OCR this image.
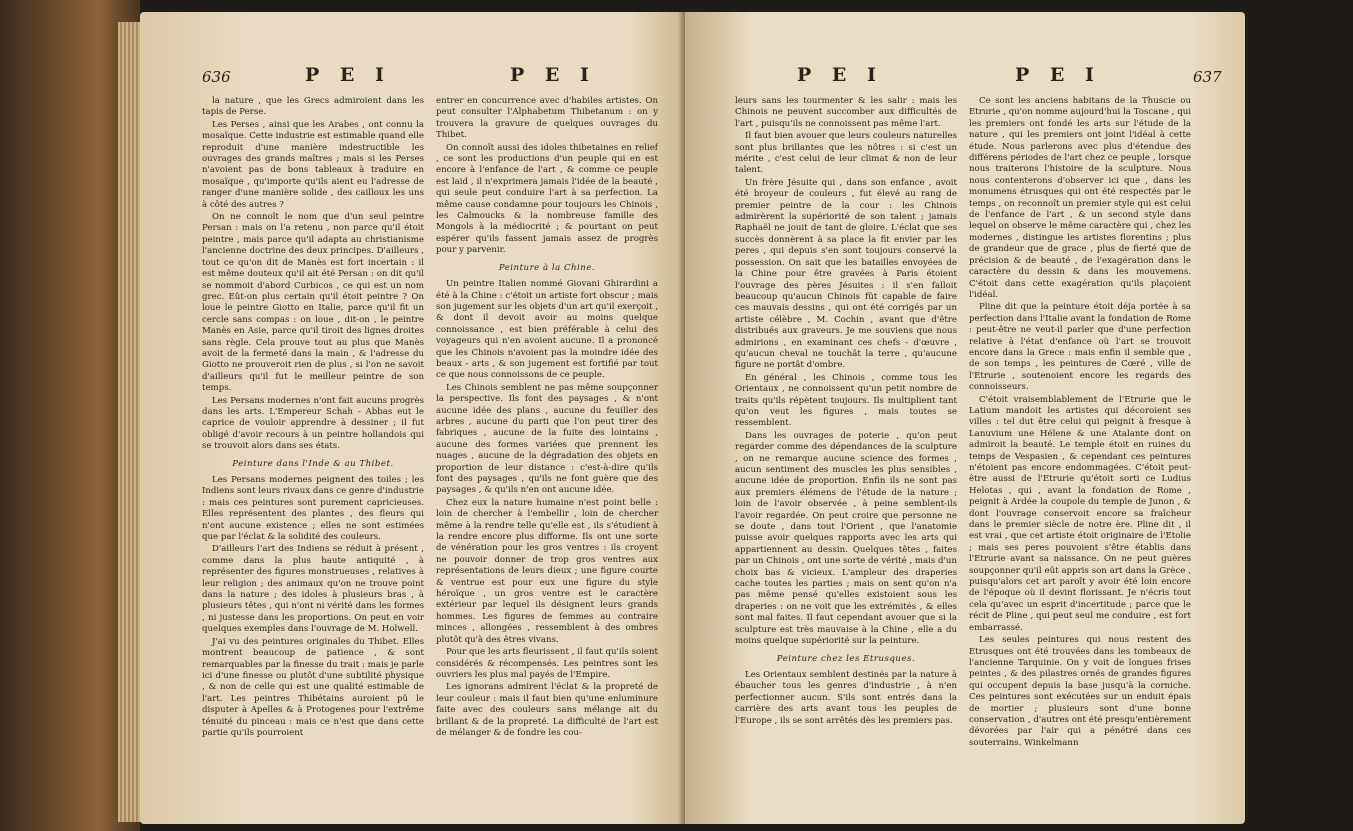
636	P E I	P E I

la nature , que les Grecs admiroient dans les tapis de Perse.

Les Perses , ainsi que les Arabes , ont connu la mosaïque. Cette industrie est estimable quand elle reproduit d'une manière indestructible les ouvrages des grands maîtres ; mais si les Perses n'avoient pas de bons tableaux à traduire en mosaïque , qu'importe qu'ils aient eu l'adresse de ranger d'une manière solide , des cailloux les uns à côté des autres ?

On ne connoît le nom que d'un seul peintre Persan : mais on l'a retenu , non parce qu'il étoit peintre , mais parce qu'il adapta au christianisme l'ancienne doctrine des deux principes. D'ailleurs , tout ce qu'on dit de Manès est fort incertain : il est même douteux qu'il ait été Persan : on dit qu'il se nommoit d'abord Curbicos , ce qui est un nom grec. Eût-on plus certain qu'il étoit peintre ? On loue le peintre Giotto en Italie, parce qu'il fit un cercle sans compas : on loue , dit-on , le peintre Manès en Asie, parce qu'il tiroit des lignes droites sans règle. Cela prouve tout au plus que Manès avoit de la fermeté dans la main , & l'adresse du Giotto ne prouveroit rien de plus , si l'on ne savoit d'ailleurs qu'il fut le meilleur peintre de son temps.

Les Persans modernes n'ont fait aucuns progrès dans les arts. L'Empereur Schah - Abbas eut le caprice de vouloir apprendre à dessiner ; il fut obligé d'avoir recours à un peintre hollandois qui se trouvoit alors dans ses états.

Peinture dans l'Inde & au Thibet.

Les Persans modernes peignent des toiles ; les Indiens sont leurs rivaux dans ce genre d'industrie : mais ces peintures sont purement capricieuses. Elles représentent des plantes , des fleurs qui n'ont aucune existence ; elles ne sont estimées que par l'éclat & la solidité des couleurs.

D'ailleurs l'art des Indiens se réduit à présent , comme dans la plus haute antiquité , à représenter des figures monstrueuses , relatives à leur religion ; des animaux qu'on ne trouve point dans la nature ; des idoles à plusieurs bras , à plusieurs têtes , qui n'ont ni vérité dans les formes , ni justesse dans les proportions. On peut en voir quelques exemples dans l'ouvrage de M. Holwell.

J'ai vu des peintures originales du Thibet. Elles montrent beaucoup de patience , & sont remarquables par la finesse du trait : mais je parle ici d'une finesse ou plutôt d'une subtilité physique , & non de celle qui est une qualité estimable de l'art. Les peintres Thibétains auroient pû le disputer à Apelles & à Protogenes pour l'extrême ténuité du pinceau : mais ce n'est que dans cette partie qu'ils pourroient

entrer en concurrence avec d'habiles artistes. On peut consulter l'Alphabetum Thibetanum : on y trouvera la gravure de quelques ouvrages du Thibet.

On connoît aussi des idoles thibetaines en relief , ce sont les productions d'un peuple qui en est encore à l'enfance de l'art , & comme ce peuple est laid , il n'exprimera jamais l'idée de la beauté , qui seule peut conduire l'art à sa perfection. La même cause condamne pour toujours les Chinois , les Calmoucks & la nombreuse famille des Mongols à la médiocrité ; & pourtant on peut espérer qu'ils fassent jamais assez de progrès pour y parvenir.

Peinture à la Chine.

Un peintre Italien nommé Giovani Ghirardini a été à la Chine : c'étoit un artiste fort obscur ; mais son jugement sur les objets d'un art qu'il exerçoit , & dont il devoit avoir au moins quelque connoissance , est bien préférable à celui des voyageurs qui n'en avoient aucune. Il a prononcé que les Chinois n'avoient pas la moindre idée des beaux - arts , & son jugement est fortifié par tout ce que nous connoissons de ce peuple.

Les Chinois semblent ne pas même soupçonner la perspective. Ils font des paysages , & n'ont aucune idée des plans , aucune du feuiller des arbres , aucune du parti que l'on peut tirer des fabriques , aucune de la fuite des lointains , aucune des formes variées que prennent les nuages , aucune de la dégradation des objets en proportion de leur distance : c'est-à-dire qu'ils font des paysages , qu'ils ne font guère que des paysages , & qu'ils n'en ont aucune idée.

Chez eux la nature humaine n'est point belle : loin de chercher à l'embellir , loin de chercher même à la rendre telle qu'elle est , ils s'étudient à la rendre encore plus difforme. Ils ont une sorte de vénération pour les gros ventres : ils croyent ne pouvoir donner de trop gros ventres aux représentations de leurs dieux ; une figure courte & ventrue est pour eux une figure du style héroïque , un gros ventre est le caractère extérieur par lequel ils désignent leurs grands hommes. Les figures de femmes au contraire minces , allongées , ressemblent à des ombres plutôt qu'à des êtres vivans.

Pour que les arts fleurissent , il faut qu'ils soient considérés & récompensés. Les peintres sont les ouvriers les plus mal payés de l'Empire.

Les ignorans admirent l'éclat & la propreté de leur couleur : mais il faut bien qu'une enluminure faite avec des couleurs sans mélange ait du brillant & de la propreté. La difficulté de l'art est de mélanger & de fondre les cou-

P E I	P E I	637

leurs sans les tourmenter & les salir : mais les Chinois ne peuvent succomber aux difficultés de l'art , puisqu'ils ne connoissent pas même l'art.

Il faut bien avouer que leurs couleurs naturelles sont plus brillantes que les nôtres : si c'est un mérite , c'est celui de leur climat & non de leur talent.

Un frère Jésuite qui , dans son enfance , avoit été broyeur de couleurs , fut élevé au rang de premier peintre de la cour : les Chinois admirèrent la supériorité de son talent ; jamais Raphaël ne jouit de tant de gloire. L'éclat que ses succès donnèrent à sa place la fit envier par les peres , qui depuis s'en sont toujours conservé la possession. On sait que les batailles envoyées de la Chine pour être gravées à Paris étoient l'ouvrage des pères Jésuites : il s'en falloit beaucoup qu'aucun Chinois fût capable de faire ces mauvais dessins , qui ont été corrigés par un artiste célèbre , M. Cochin , avant que d'être distribués aux graveurs. Je me souviens que nous admirions , en examinant ces chefs - d'œuvre , qu'aucun cheval ne touchât la terre , qu'aucune figure ne portât d'ombre.

En général , les Chinois , comme tous les Orientaux , ne connoissent qu'un petit nombre de traits qu'ils répètent toujours. Ils multiplient tant qu'on veut les figures , mais toutes se ressemblent.

Dans les ouvrages de poterie , qu'on peut regarder comme des dépendances de la sculpture , on ne remarque aucune science des formes , aucun sentiment des muscles les plus sensibles , aucune idée de proportion. Enfin ils ne sont pas aux premiers élémens de l'étude de la nature ; loin de l'avoir observée , à peine semblent-ils l'avoir regardée. On peut croire que personne ne se doute , dans tout l'Orient , que l'anatomie puisse avoir quelques rapports avec les arts qui appartiennent au dessin. Quelques têtes , faites par un Chinois , ont une sorte de vérité , mais d'un choix bas & vicieux. L'ampleur des draperies cache toutes les parties ; mais on sent qu'on n'a pas même pensé qu'elles existoient sous les draperies : on ne voit que les extrémités , & elles sont mal faites. Il faut cependant avouer que si la sculpture est très mauvaise à la Chine , elle a du moins quelque supériorité sur la peinture.

Peinture chez les Etrusques.

Les Orientaux semblent destinés par la nature à ébaucher tous les genres d'industrie , à n'en perfectionner aucun. S'ils sont entrés dans la carrière des arts avant tous les peuples de l'Europe , ils se sont arrêtés dès les premiers pas.

Ce sont les anciens habitans de la Thuscie ou Etrurie , qu'on nomme aujourd'hui la Toscane , qui les premiers ont fondé les arts sur l'étude de la nature , qui les premiers ont joint l'idéal à cette étude. Nous parlerons avec plus d'étendue des différens périodes de l'art chez ce peuple , lorsque nous traiterons l'histoire de la sculpture. Nous nous contenterons d'observer ici que , dans les monumens étrusques qui ont été respectés par le temps , on reconnoît un premier style qui est celui de l'enfance de l'art , & un second style dans lequel on observe le même caractère qui , chez les modernes , distingue les artistes florentins ; plus de grandeur que de grace , plus de fierté que de précision & de beauté , de l'exagération dans le caractère du dessin & dans les mouvemens. C'étoit dans cette exagération qu'ils plaçoient l'idéal.

Pline dit que la peinture étoit déja portée à sa perfection dans l'Italie avant la fondation de Rome : peut-être ne veut-il parler que d'une perfection relative à l'état d'enfance où l'art se trouvoit encore dans la Grece : mais enfin il semble que , de son temps , les peintures de Cœré , ville de l'Etrurie , soutenoient encore les regards des connoisseurs.

C'étoit vraisemblablement de l'Etrurie que le Latium mandoit les artistes qui décoroient ses villes : tel dut être celui qui peignit à fresque à Lanuvium une Hélene & une Atalante dont on admiroit la beauté. Le temple étoit en ruines du temps de Vespasien , & cependant ces peintures n'étoient pas encore endommagées. C'étoit peut-être aussi de l'Etrurie qu'étoit sorti ce Ludius Helotas , qui , avant la fondation de Rome , peignit à Ardée la coupole du temple de Junon , & dont l'ouvrage conservoit encore sa fraîcheur dans le premier siècle de notre ère. Pline dit , il est vrai , que cet artiste étoit originaire de l'Etolie ; mais ses peres pouvoient s'être établis dans l'Etrurie avant sa naissance. On ne peut guères soupçonner qu'il eût appris son art dans la Grèce , puisqu'alors cet art paroît y avoir été loin encore de l'époque où il devint florissant. Je n'écris tout cela qu'avec un esprit d'incertitude ; parce que le récit de Pline , qui peut seul me conduire , est fort embarrassé.

Les seules peintures qui nous restent des Etrusques ont été trouvées dans les tombeaux de l'ancienne Tarquinie. On y voit de longues frises peintes , & des pilastres ornés de grandes figures qui occupent depuis la base jusqu'à la corniche. Ces peintures sont exécutées sur un enduit épais de mortier ; plusieurs sont d'une bonne conservation , d'autres ont été presqu'entièrement dévorées par l'air qui a pénétré dans ces souterrains. Winkelmann
